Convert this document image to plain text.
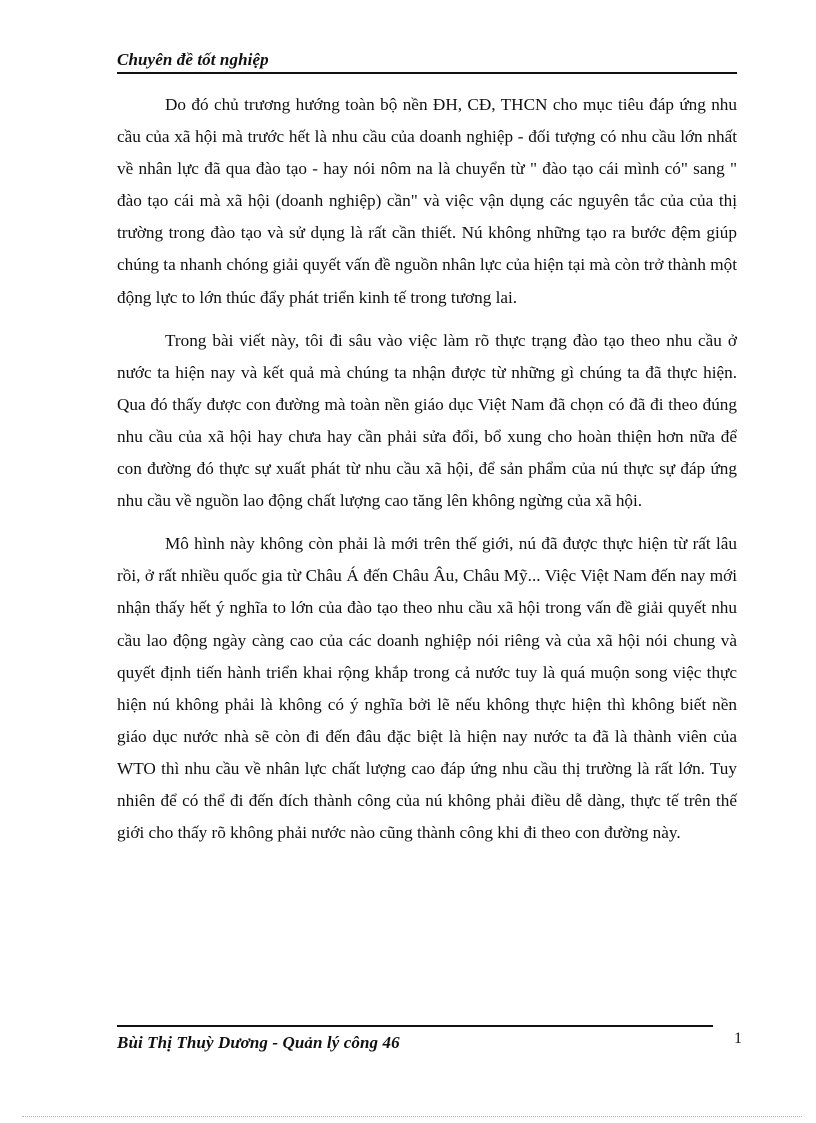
Chuyên đề tốt nghiệp

Do đó chủ trương hướng toàn bộ nền ĐH, CĐ, THCN cho mục tiêu đáp ứng nhu cầu của xã hội mà trước hết là nhu cầu của doanh nghiệp - đối tượng có nhu cầu lớn nhất về nhân lực đã qua đào tạo - hay nói nôm na là chuyển từ " đào tạo cái mình có" sang " đào tạo cái mà xã hội (doanh nghiệp) cần" và việc vận dụng các nguyên tắc của của thị trường trong đào tạo và sử dụng là rất cần thiết. Nú không những tạo ra bước đệm giúp chúng ta nhanh chóng giải quyết vấn đề nguồn nhân lực của hiện tại mà còn trở thành một động lực to lớn thúc đẩy phát triển kinh tế trong tương lai.

Trong bài viết này, tôi đi sâu vào việc làm rõ thực trạng đào tạo theo nhu cầu ở nước ta hiện nay và kết quả mà chúng ta nhận được từ những gì chúng ta đã thực hiện. Qua đó thấy được con đường mà toàn nền giáo dục Việt Nam đã chọn có đã đi theo đúng nhu cầu của xã hội hay chưa hay cần phải sửa đổi, bổ xung cho hoàn thiện hơn nữa để con đường đó thực sự xuất phát từ nhu cầu xã hội, để sản phẩm của nú thực sự đáp ứng nhu cầu về nguồn lao động chất lượng cao tăng lên không ngừng của xã hội.

Mô hình này không còn phải là mới trên thế giới, nú đã được thực hiện từ rất lâu rồi, ở rất nhiều quốc gia từ Châu Á đến Châu Âu, Châu Mỹ... Việc Việt Nam đến nay mới nhận thấy hết ý nghĩa to lớn của đào tạo theo nhu cầu xã hội trong vấn đề giải quyết nhu cầu lao động ngày càng cao của các doanh nghiệp nói riêng và của xã hội nói chung và quyết định tiến hành triển khai rộng khắp trong cả nước tuy là quá muộn song việc thực hiện nú không phải là không có ý nghĩa bởi lẽ nếu không thực hiện thì không biết nền giáo dục nước nhà sẽ còn đi đến đâu đặc biệt là hiện nay nước ta đã là thành viên của WTO thì nhu cầu về nhân lực chất lượng cao đáp ứng nhu cầu thị trường là rất lớn. Tuy nhiên để có thể đi đến đích thành công của nú không phải điều dễ dàng, thực tế trên thế giới cho thấy rõ không phải nước nào cũng thành công khi đi theo con đường này.

Bùi Thị Thuỳ Dương - Quản lý công 46	1
